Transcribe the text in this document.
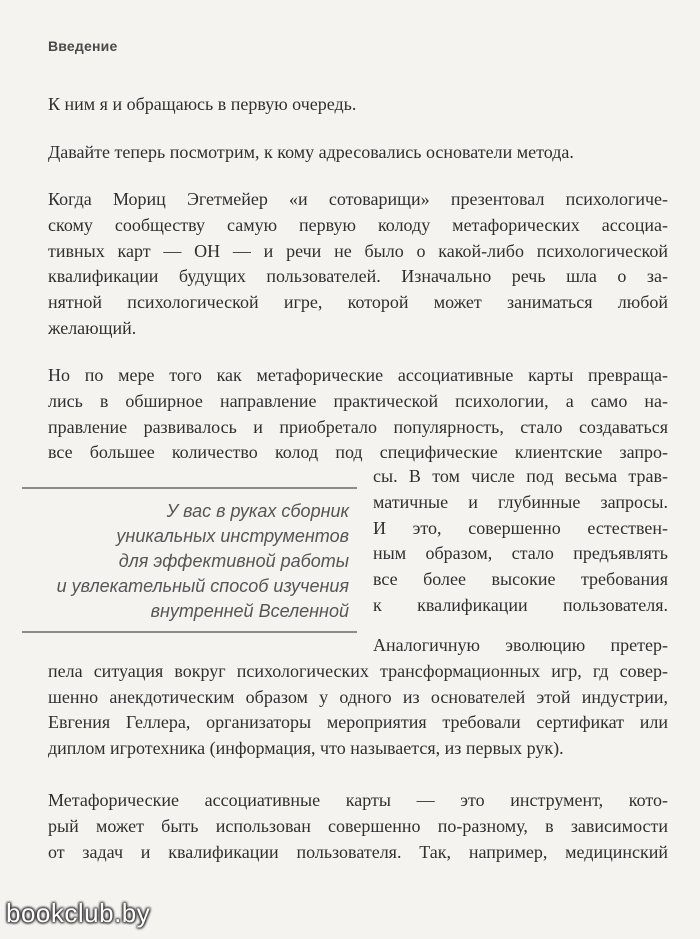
Введение
К ним я и обращаюсь в первую очередь.
Давайте теперь посмотрим, к кому адресовались основатели метода.
Когда Мориц Эгетмейер «и сотоварищи» презентовал психологиче-
скому сообществу самую первую колоду метафорических ассоциа-
тивных карт — ОН — и речи не было о какой-либо психологической
квалификации будущих пользователей. Изначально речь шла о за-
нятной психологической игре, которой может заниматься любой
желающий.
Но по мере того как метафорические ассоциативные карты превраща-
лись в обширное направление практической психологии, а само на-
правление развивалось и приобретало популярность, стало создаваться
все большее количество колод под специфические клиентские запро-
сы. В том числе под весьма трав-
матичные и глубинные запросы.
И это, совершенно естествен-
ным образом, стало предъявлять
все более высокие требования
к квалификации пользователя.
У вас в руках сборник
уникальных инструментов
для эффективной работы
и увлекательный способ изучения
внутренней Вселенной
Аналогичную эволюцию претер-
пела ситуация вокруг психологических трансформационных игр, гд совер-
шенно анекдотическим образом у одного из основателей этой индустрии,
Евгения Геллера, организаторы мероприятия требовали сертификат или
диплом игротехника (информация, что называется, из первых рук).
Метафорические ассоциативные карты — это инструмент, кото-
рый может быть использован совершенно по-разному, в зависимости
от задач и квалификации пользователя. Так, например, медицинский
bookclub.by
